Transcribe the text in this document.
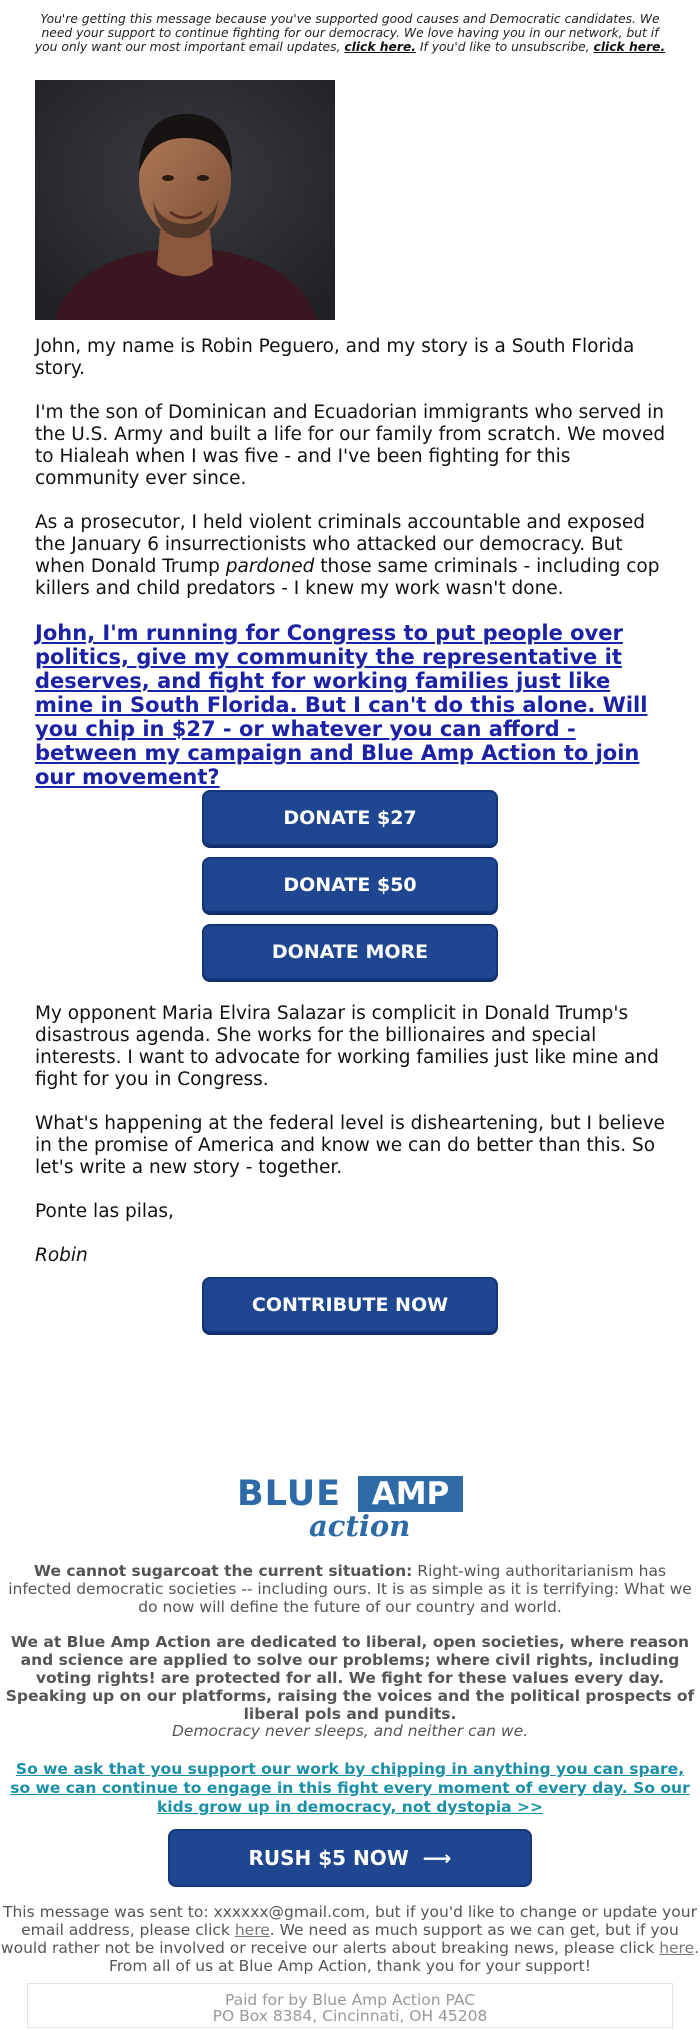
You're getting this message because you've supported good causes and Democratic candidates. We need your support to continue fighting for our democracy. We love having you in our network, but if you only want our most important email updates, click here. If you'd like to unsubscribe, click here.

John, my name is Robin Peguero, and my story is a South Florida story.

I'm the son of Dominican and Ecuadorian immigrants who served in the U.S. Army and built a life for our family from scratch. We moved to Hialeah when I was five - and I've been fighting for this community ever since.

As a prosecutor, I held violent criminals accountable and exposed the January 6 insurrectionists who attacked our democracy. But when Donald Trump pardoned those same criminals - including cop killers and child predators - I knew my work wasn't done.

John, I'm running for Congress to put people over politics, give my community the representative it deserves, and fight for working families just like mine in South Florida. But I can't do this alone. Will you chip in $27 - or whatever you can afford - between my campaign and Blue Amp Action to join our movement?

DONATE $27
DONATE $50
DONATE MORE

My opponent Maria Elvira Salazar is complicit in Donald Trump's disastrous agenda. She works for the billionaires and special interests. I want to advocate for working families just like mine and fight for you in Congress.

What's happening at the federal level is disheartening, but I believe in the promise of America and know we can do better than this. So let's write a new story - together.

Ponte las pilas,

Robin

CONTRIBUTE NOW
BLUE AMP
action
We cannot sugarcoat the current situation: Right-wing authoritarianism has infected democratic societies -- including ours. It is as simple as it is terrifying: What we do now will define the future of our country and world.
We at Blue Amp Action are dedicated to liberal, open societies, where reason and science are applied to solve our problems; where civil rights, including voting rights! are protected for all. We fight for these values every day. Speaking up on our platforms, raising the voices and the political prospects of liberal pols and pundits.
Democracy never sleeps, and neither can we.
So we ask that you support our work by chipping in anything you can spare, so we can continue to engage in this fight every moment of every day. So our kids grow up in democracy, not dystopia >>
RUSH $5 NOW ⟶
This message was sent to: xxxxxx@gmail.com, but if you'd like to change or update your email address, please click here. We need as much support as we can get, but if you would rather not be involved or receive our alerts about breaking news, please click here. From all of us at Blue Amp Action, thank you for your support!
Paid for by Blue Amp Action PAC
PO Box 8384, Cincinnati, OH 45208
